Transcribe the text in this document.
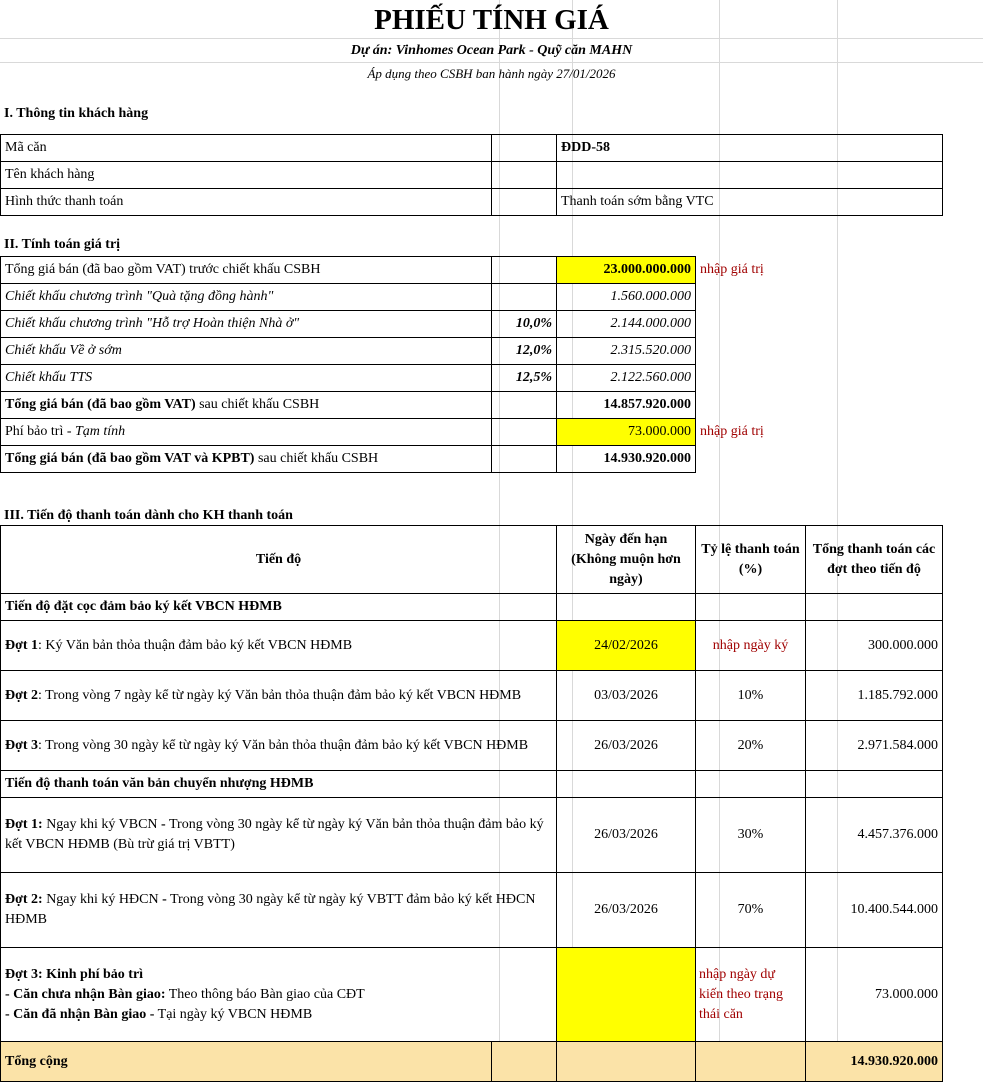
PHIẾU TÍNH GIÁ
Dự án: Vinhomes Ocean Park - Quỹ căn MAHN
Áp dụng theo CSBH ban hành ngày 27/01/2026
I. Thông tin khách hàng
Mã căn		ĐDD-58
Tên khách hàng		
Hình thức thanh toán		Thanh toán sớm bằng VTC
II. Tính toán giá trị
Tổng giá bán (đã bao gồm VAT) trước chiết khấu CSBH		23.000.000.000	nhập giá trị	
Chiết khấu chương trình "Quà tặng đồng hành"		1.560.000.000		
Chiết khấu chương trình "Hỗ trợ Hoàn thiện Nhà ở"	10,0%	2.144.000.000		
Chiết khấu Về ở sớm	12,0%	2.315.520.000		
Chiết khấu TTS	12,5%	2.122.560.000		
Tổng giá bán (đã bao gồm VAT) sau chiết khấu CSBH		14.857.920.000		
Phí bảo trì - Tạm tính		73.000.000	nhập giá trị	
Tổng giá bán (đã bao gồm VAT và KPBT) sau chiết khấu CSBH		14.930.920.000		
III. Tiến độ thanh toán dành cho KH thanh toán
Tiến độ		Ngày đến hạn (Không muộn hơn ngày)	Tỷ lệ thanh toán (%)	Tổng thanh toán các đợt theo tiến độ
Tiến độ đặt cọc đảm bảo ký kết VBCN HĐMB				
Đợt 1: Ký Văn bản thỏa thuận đảm bảo ký kết VBCN HĐMB		24/02/2026	nhập ngày ký	300.000.000
Đợt 2: Trong vòng 7 ngày kể từ ngày ký Văn bản thỏa thuận đảm bảo ký kết VBCN HĐMB		03/03/2026	10%	1.185.792.000
Đợt 3: Trong vòng 30 ngày kể từ ngày ký Văn bản thỏa thuận đảm bảo ký kết VBCN HĐMB		26/03/2026	20%	2.971.584.000
Tiến độ thanh toán văn bản chuyển nhượng HĐMB				
Đợt 1: Ngay khi ký VBCN - Trong vòng 30 ngày kể từ ngày ký Văn bản thỏa thuận đảm bảo ký kết VBCN HĐMB (Bù trừ giá trị VBTT)		26/03/2026	30%	4.457.376.000
Đợt 2: Ngay khi ký HĐCN - Trong vòng 30 ngày kể từ ngày ký VBTT đảm bảo ký kết HĐCN HĐMB		26/03/2026	70%	10.400.544.000
Đợt 3: Kinh phí bảo trì
- Căn chưa nhận Bàn giao: Theo thông báo Bàn giao của CĐT
- Căn đã nhận Bàn giao - Tại ngày ký VBCN HĐMB			nhập ngày dự kiến theo trạng thái căn	73.000.000
Tổng cộng				14.930.920.000
